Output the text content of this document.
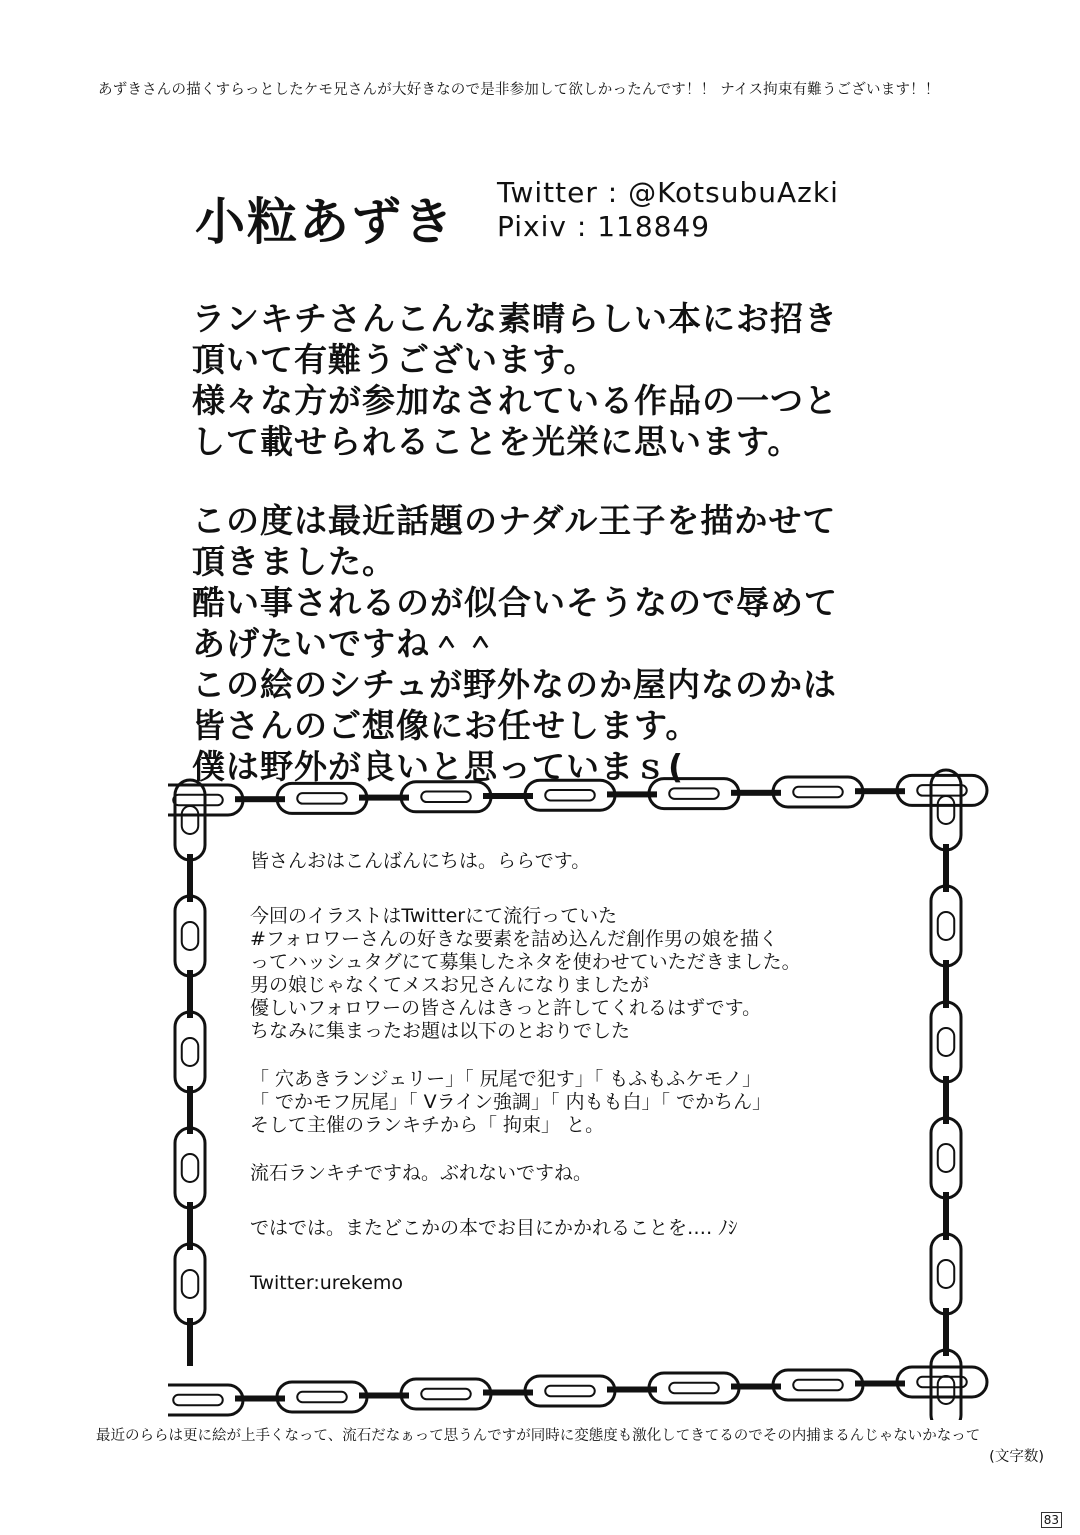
あずきさんの描くすらっとしたケモ兄さんが大好きなので是非参加して欲しかったんです！！ ナイス拘束有難うございます！！
小粒あずき
Twitter : @KotsubuAzki
Pixiv : 118849

ランキチさんこんな素晴らしい本にお招き

頂いて有難うございます。

様々な方が参加なされている作品の一つと

して載せられることを光栄に思います。

この度は最近話題のナダル王子を描かせて

頂きました。

酷い事されるのが似合いそうなので辱めて

あげたいですね＾＾

この絵のシチュが野外なのか屋内なのかは

皆さんのご想像にお任せします。

僕は野外が良いと思っていまｓ(

皆さんおはこんばんにちは。ららです。

今回のイラストはTwitterにて流行っていた

#フォロワーさんの好きな要素を詰め込んだ創作男の娘を描く

ってハッシュタグにて募集したネタを使わせていただきました。

男の娘じゃなくてメスお兄さんになりましたが

優しいフォロワーの皆さんはきっと許してくれるはずです。

ちなみに集まったお題は以下のとおりでした

「 穴あきランジェリー」「 尻尾で犯す」「 もふもふケモノ」

「 でかモフ尻尾」「 Vライン強調」「 内もも白」「 でかちん」

そして主催のランキチから「 拘束」 と。

流石ランキチですね。ぶれないですね。

ではでは。またどこかの本でお目にかかれることを‥‥ ﾉｼ

Twitter:urekemo

最近のららは更に絵が上手くなって、流石だなぁって思うんですが同時に変態度も激化してきてるのでその内捕まるんじゃないかなって
(文字数)
83
